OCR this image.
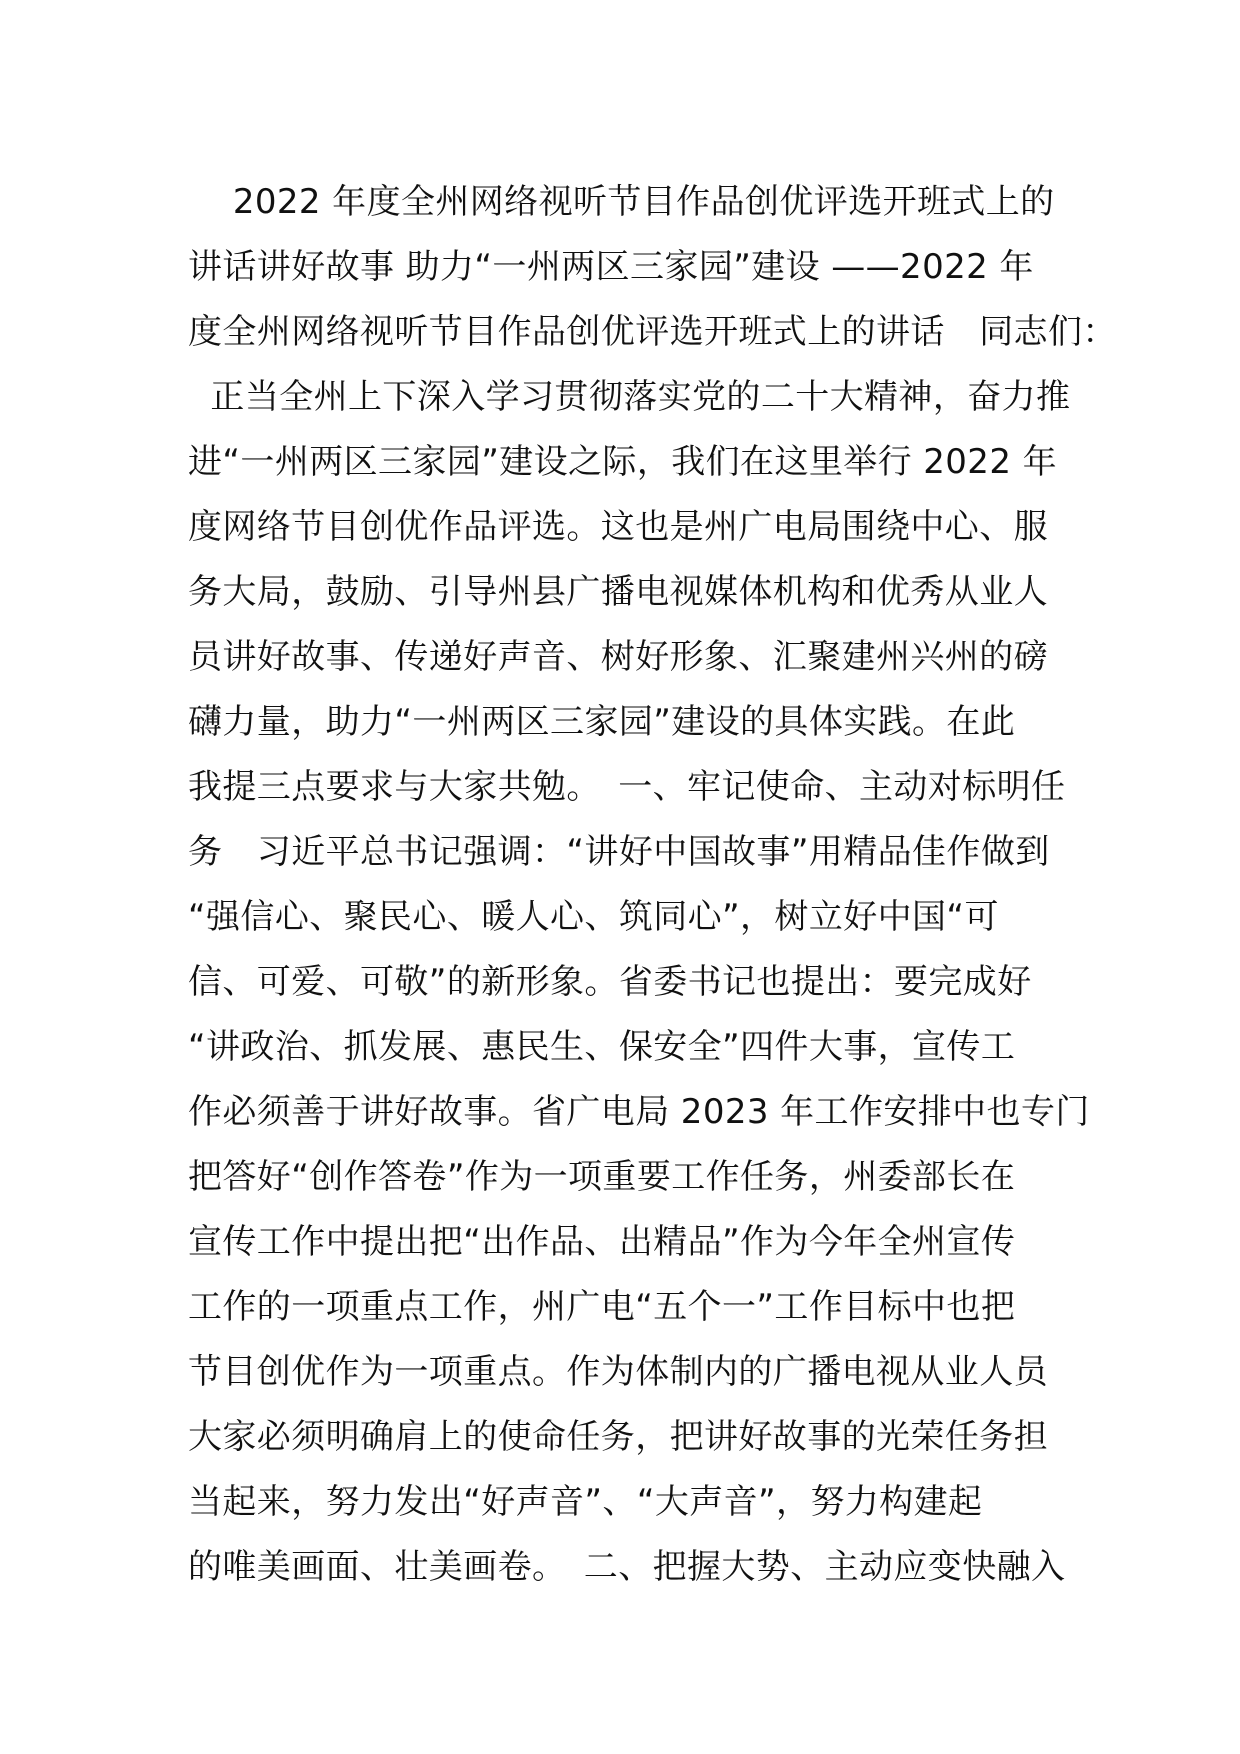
2022 年度全州网络视听节目作品创优评选开班式上的
讲话讲好故事 助力“一州两区三家园”建设 ——2022 年
度全州网络视听节目作品创优评选开班式上的讲话　同志们：
正当全州上下深入学习贯彻落实党的二十大精神，奋力推
进“一州两区三家园”建设之际，我们在这里举行 2022 年
度网络节目创优作品评选。这也是州广电局围绕中心、服
务大局，鼓励、引导州县广播电视媒体机构和优秀从业人
员讲好故事、传递好声音、树好形象、汇聚建州兴州的磅
礴力量，助力“一州两区三家园”建设的具体实践。在此
我提三点要求与大家共勉。　一、牢记使命、主动对标明任
务　习近平总书记强调：“讲好中国故事”用精品佳作做到
“强信心、聚民心、暖人心、筑同心”，树立好中国“可
信、可爱、可敬”的新形象。省委书记也提出：要完成好
“讲政治、抓发展、惠民生、保安全”四件大事，宣传工
作必须善于讲好故事。省广电局 2023 年工作安排中也专门
把答好“创作答卷”作为一项重要工作任务，州委部长在
宣传工作中提出把“出作品、出精品”作为今年全州宣传
工作的一项重点工作，州广电“五个一”工作目标中也把
节目创优作为一项重点。作为体制内的广播电视从业人员
大家必须明确肩上的使命任务，把讲好故事的光荣任务担
当起来，努力发出“好声音”、“大声音”，努力构建起
的唯美画面、壮美画卷。　二、把握大势、主动应变快融入
